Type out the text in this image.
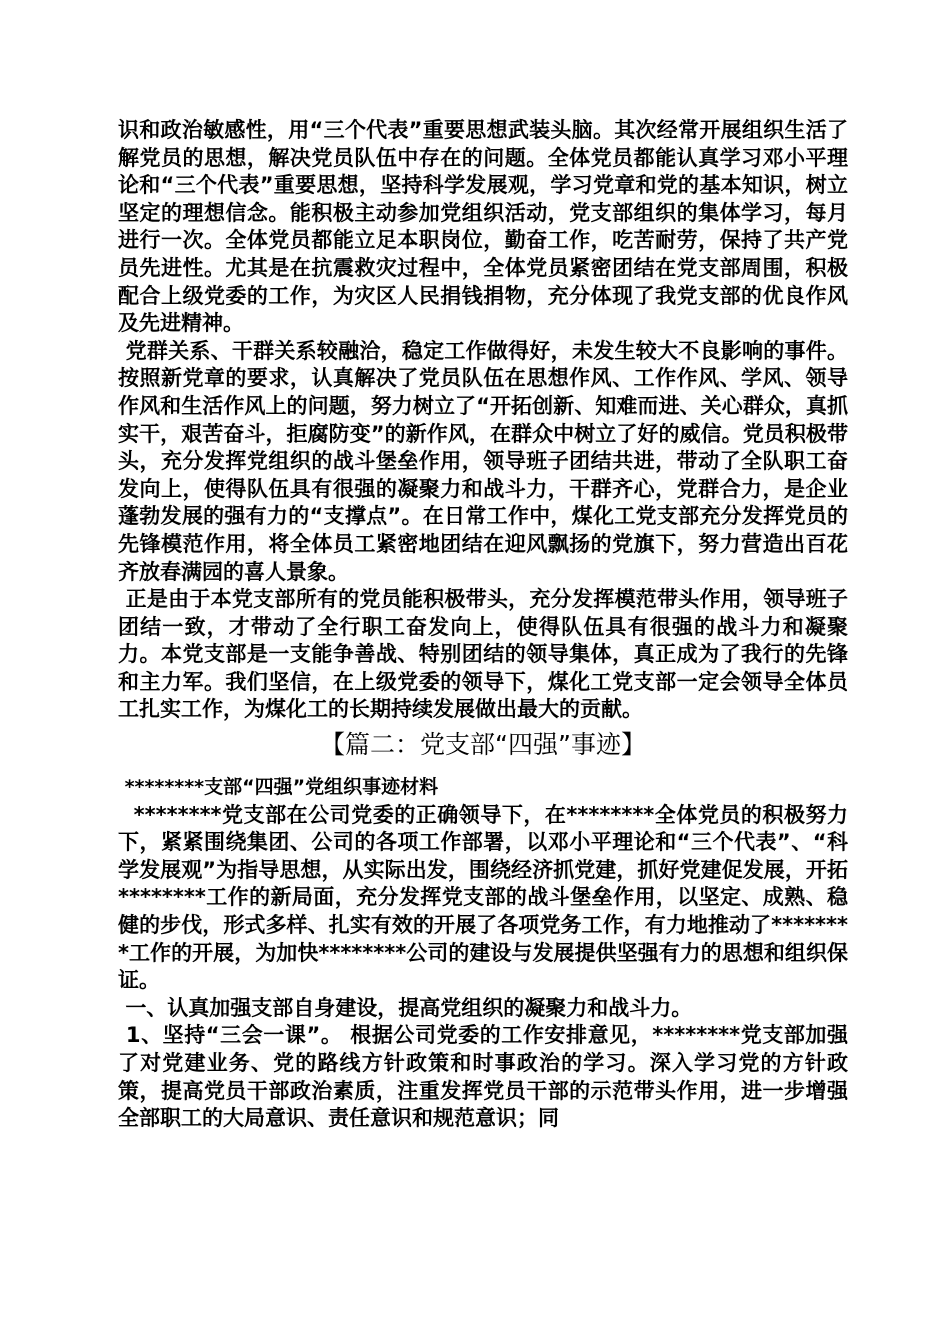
识和政治敏感性，用“三个代表”重要思想武装头脑。其次经常开展组织生活了解党员的思想，解决党员队伍中存在的问题。全体党员都能认真学习邓小平理论和“三个代表”重要思想，坚持科学发展观，学习党章和党的基本知识，树立坚定的理想信念。能积极主动参加党组织活动，党支部组织的集体学习，每月进行一次。全体党员都能立足本职岗位，勤奋工作，吃苦耐劳，保持了共产党员先进性。尤其是在抗震救灾过程中，全体党员紧密团结在党支部周围，积极配合上级党委的工作，为灾区人民捐钱捐物，充分体现了我党支部的优良作风及先进精神。

党群关系、干群关系较融洽，稳定工作做得好，未发生较大不良影响的事件。按照新党章的要求，认真解决了党员队伍在思想作风、工作作风、学风、领导作风和生活作风上的问题，努力树立了“开拓创新、知难而进、关心群众，真抓实干，艰苦奋斗，拒腐防变”的新作风，在群众中树立了好的威信。党员积极带头，充分发挥党组织的战斗堡垒作用，领导班子团结共进，带动了全队职工奋发向上，使得队伍具有很强的凝聚力和战斗力，干群齐心，党群合力，是企业蓬勃发展的强有力的“支撑点”。在日常工作中，煤化工党支部充分发挥党员的先锋模范作用，将全体员工紧密地团结在迎风飘扬的党旗下，努力营造出百花齐放春满园的喜人景象。

正是由于本党支部所有的党员能积极带头，充分发挥模范带头作用，领导班子团结一致，才带动了全行职工奋发向上，使得队伍具有很强的战斗力和凝聚力。本党支部是一支能争善战、特别团结的领导集体，真正成为了我行的先锋和主力军。我们坚信，在上级党委的领导下，煤化工党支部一定会领导全体员工扎实工作，为煤化工的长期持续发展做出最大的贡献。

【篇二：党支部“四强”事迹】

********支部“四强”党组织事迹材料

********党支部在公司党委的正确领导下，在********全体党员的积极努力下，紧紧围绕集团、公司的各项工作部署，以邓小平理论和“三个代表”、“科学发展观”为指导思想，从实际出发，围绕经济抓党建，抓好党建促发展，开拓********工作的新局面，充分发挥党支部的战斗堡垒作用，以坚定、成熟、稳健的步伐，形式多样、扎实有效的开展了各项党务工作，有力地推动了********工作的开展，为加快********公司的建设与发展提供坚强有力的思想和组织保证。

一、认真加强支部自身建设，提高党组织的凝聚力和战斗力。

1、坚持“三会一课”。 根据公司党委的工作安排意见，********党支部加强了对党建业务、党的路线方针政策和时事政治的学习。深入学习党的方针政策，提高党员干部政治素质，注重发挥党员干部的示范带头作用，进一步增强全部职工的大局意识、责任意识和规范意识；同
